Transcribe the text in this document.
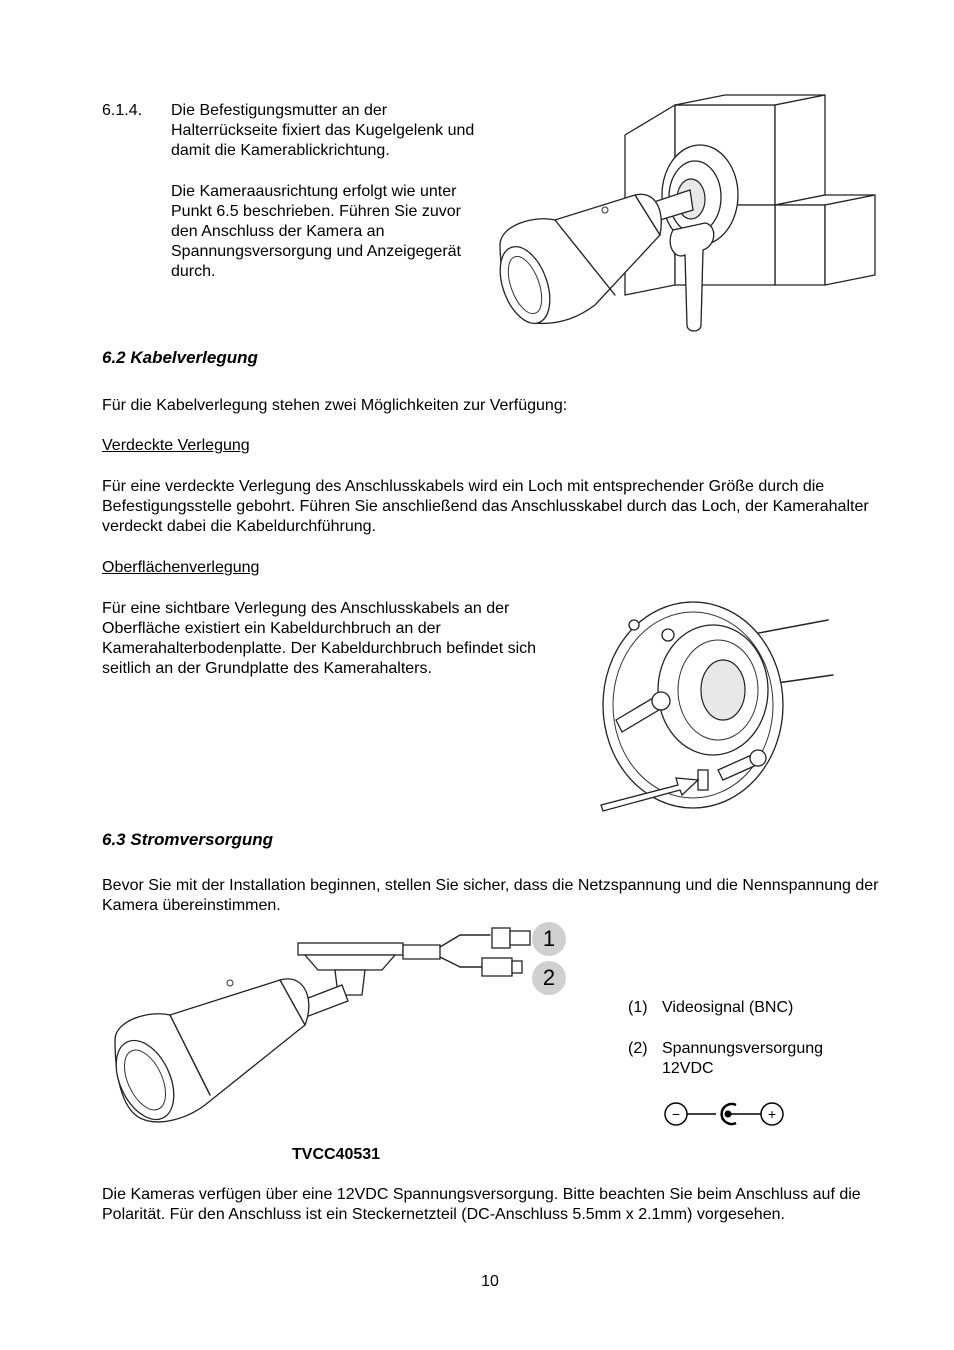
6.1.4.	Die Befestigungsmutter an der Halterrückseite fixiert das Kugelgelenk und damit die Kamerablickrichtung.
Die Kameraausrichtung erfolgt wie unter Punkt 6.5 beschrieben. Führen Sie zuvor den Anschluss der Kamera an Spannungsversorgung und Anzeigegerät durch.
6.2 Kabelverlegung
Für die Kabelverlegung stehen zwei Möglichkeiten zur Verfügung:
Verdeckte Verlegung
Für eine verdeckte Verlegung des Anschlusskabels wird ein Loch mit entsprechender Größe durch die Befestigungsstelle gebohrt. Führen Sie anschließend das Anschlusskabel durch das Loch, der Kamerahalter verdeckt dabei die Kabeldurchführung.
Oberflächenverlegung
Für eine sichtbare Verlegung des Anschlusskabels an der Oberfläche existiert ein Kabeldurchbruch an der Kamerahalterbodenplatte. Der Kabeldurchbruch befindet sich seitlich an der Grundplatte des Kamerahalters.
6.3 Stromversorgung
Bevor Sie mit der Installation beginnen, stellen Sie sicher, dass die Netzspannung und die Nennspannung der Kamera übereinstimmen.
1
2
(1) Videosignal (BNC)
(2) Spannungsversorgung
12VDC
−	+
TVCC40531
Die Kameras verfügen über eine 12VDC Spannungsversorgung. Bitte beachten Sie beim Anschluss auf die Polarität. Für den Anschluss ist ein Steckernetzteil (DC-Anschluss 5.5mm x 2.1mm) vorgesehen.
10
